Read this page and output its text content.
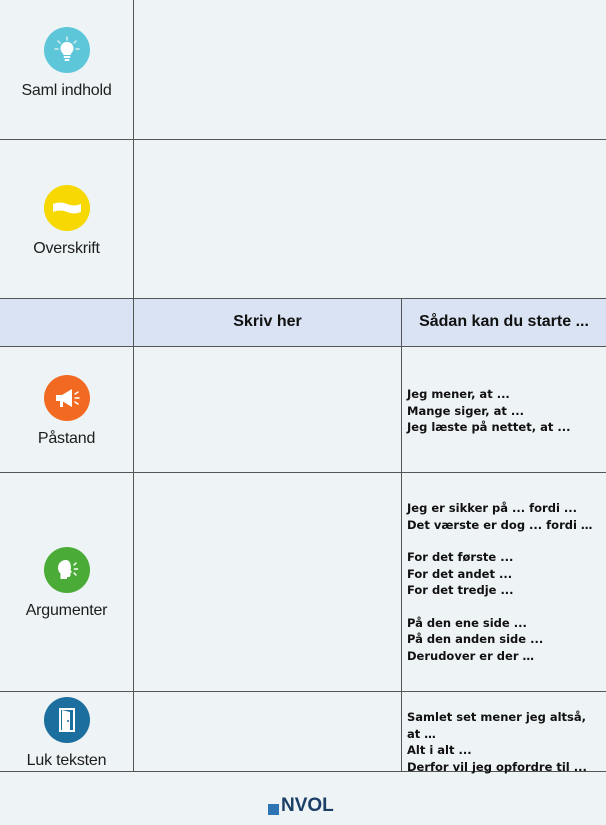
Saml indhold
Overskrift
Skriv her	Sådan kan du starte ...
Påstand
Jeg mener, at ...
Mange siger, at ...
Jeg læste på nettet, at ...
Argumenter
Jeg er sikker på ... fordi ...
Det værste er dog ... fordi …
For det første ...
For det andet ...
For det tredje ...
På den ene side ...
På den anden side ...
Derudover er der …
Luk teksten
Samlet set mener jeg altså, at …
Alt i alt ...
Derfor vil jeg opfordre til ...
NVOL
